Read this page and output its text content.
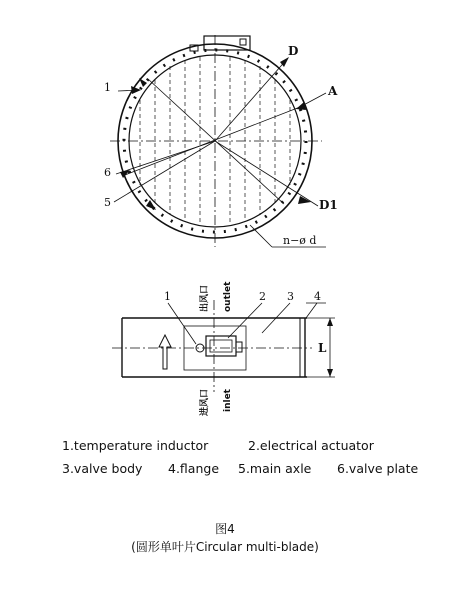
1
6
5
D
A
D1
n−ø d
1	2 3 4
L
出风口 outlet
进风口 inlet
1.temperature inductor	2.electrical actuator
3.valve body 4.flange 5.main axle 6.valve plate
图4
(圆形单叶片Circular multi-blade)
